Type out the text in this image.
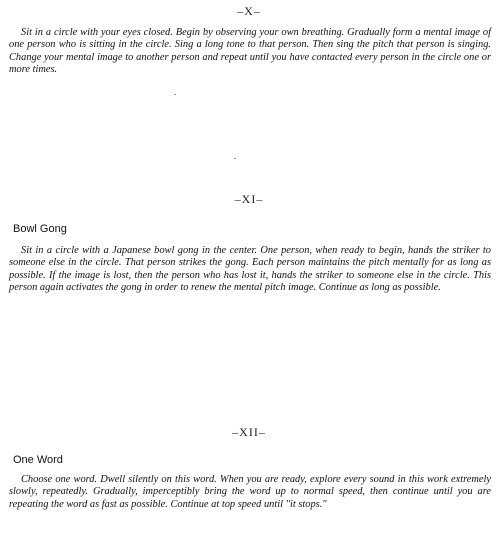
–X–

Sit in a circle with your eyes closed. Begin by observing your own breathing. Gradually form a mental image of one person who is sitting in the circle. Sing a long tone to that person. Then sing the pitch that person is singing. Change your mental image to another person and repeat until you have contacted every person in the circle one or more times.

–XI–
Bowl Gong

Sit in a circle with a Japanese bowl gong in the center. One person, when ready to begin, hands the striker to someone else in the circle. That person strikes the gong. Each person maintains the pitch mentally for as long as possible. If the image is lost, then the person who has lost it, hands the striker to someone else in the circle. This person again activates the gong in order to renew the mental pitch image. Continue as long as possible.

–XII–
One Word

Choose one word. Dwell silently on this word. When you are ready, explore every sound in this work extremely slowly, repeatedly. Gradually, imperceptibly bring the word up to normal speed, then continue until you are repeating the word as fast as possible. Continue at top speed until "it stops."
